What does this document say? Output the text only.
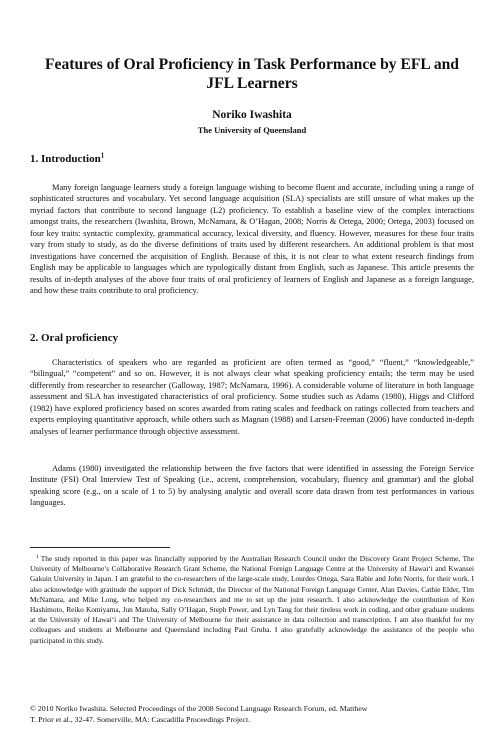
Features of Oral Proficiency in Task Performance by EFL and JFL Learners

Noriko Iwashita

The University of Queensland

1. Introduction$^1$

Many foreign language learners study a foreign language wishing to become fluent and accurate, including using a range of sophisticated structures and vocabulary. Yet second language acquisition (SLA) specialists are still unsure of what makes up the myriad factors that contribute to second language (L2) proficiency. To establish a baseline view of the complex interactions amongst traits, the researchers (Iwashita, Brown, McNamara, & O’Hagan, 2008; Norris & Ortega, 2000; Ortega, 2003) focused on four key traits: syntactic complexity, grammatical accuracy, lexical diversity, and fluency. However, measures for these four traits vary from study to study, as do the diverse definitions of traits used by different researchers. An additional problem is that most investigations have concerned the acquisition of English. Because of this, it is not clear to what extent research findings from English may be applicable to languages which are typologically distant from English, such as Japanese. This article presents the results of in-depth analyses of the above four traits of oral proficiency of learners of English and Japanese as a foreign language, and how these traits contribute to oral proficiency.

2. Oral proficiency

Characteristics of speakers who are regarded as proficient are often termed as “good,” “fluent,” “knowledgeable,” “bilingual,” “competent” and so on. However, it is not always clear what speaking proficiency entails; the term may be used differently from researcher to researcher (Galloway, 1987; McNamara, 1996). A considerable volume of literature in both language assessment and SLA has investigated characteristics of oral proficiency. Some studies such as Adams (1980), Higgs and Clifford (1982) have explored proficiency based on scores awarded from rating scales and feedback on ratings collected from teachers and experts employing quantitative approach, while others such as Magnan (1988) and Larsen-Freeman (2006) have conducted in-depth analyses of learner performance through objective assessment.

Adams (1980) investigated the relationship between the five factors that were identified in assessing the Foreign Service Institute (FSI) Oral Interview Test of Speaking (i.e., accent, comprehension, vocabulary, fluency and grammar) and the global speaking score (e.g., on a scale of 1 to 5) by analysing analytic and overall score data drawn from test performances in various languages.

$^1$ The study reported in this paper was financially supported by the Australian Research Council under the Discovery Grant Project Scheme, The University of Melbourne’s Collaborative Research Grant Scheme, the National Foreign Language Centre at the University of Hawai‘i and Kwansei Gakuin University in Japan. I am grateful to the co-researchers of the large-scale study, Lourdes Ortega, Sara Rabie and John Norris, for their work. I also acknowledge with gratitude the support of Dick Schmidt, the Director of the National Foreign Language Center, Alan Davies, Cathie Elder, Tim McNamara, and Mike Long, who helped my co-researchers and me to set up the joint research. I also acknowledge the contribution of Ken Hashimoto, Reiko Komiyama, Jun Matoba, Sally O’Hagan, Steph Power, and Lyn Tang for their tireless work in coding, and other graduate students at the University of Hawai‘i and The University of Melbourne for their assistance in data collection and transcription. I am also thankful for my colleagues and students at Melbourne and Queensland including Paul Gruba. I also gratefully acknowledge the assistance of the people who participated in this study.

© 2010 Noriko Iwashita. Selected Proceedings of the 2008 Second Language Research Forum, ed. Matthew
T. Prior et al., 32-47. Somerville, MA: Cascadilla Proceedings Project.
